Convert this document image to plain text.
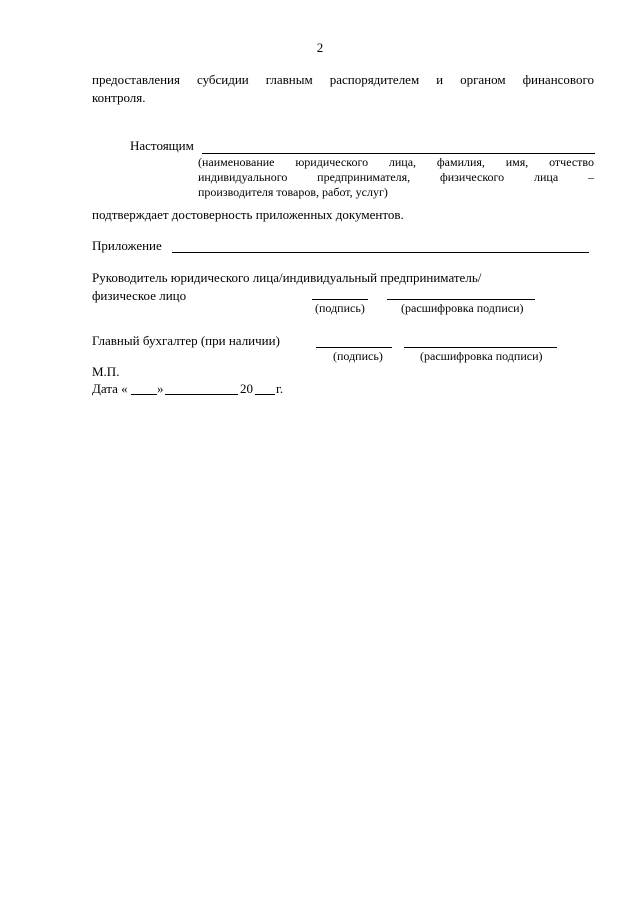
2
предоставления субсидии главным распорядителем и органом финансового
контроля.
Настоящим
(наименование юридического лица, фамилия, имя, отчество
индивидуального предпринимателя, физического лица –
производителя товаров, работ, услуг)
подтверждает достоверность приложенных документов.
Приложение
Руководитель юридического лица/индивидуальный предприниматель/
физическое лицо
(подпись)	(расшифровка подписи)
Главный бухгалтер (при наличии)
(подпись)	(расшифровка подписи)
М.П.
Дата « »	20 г.
